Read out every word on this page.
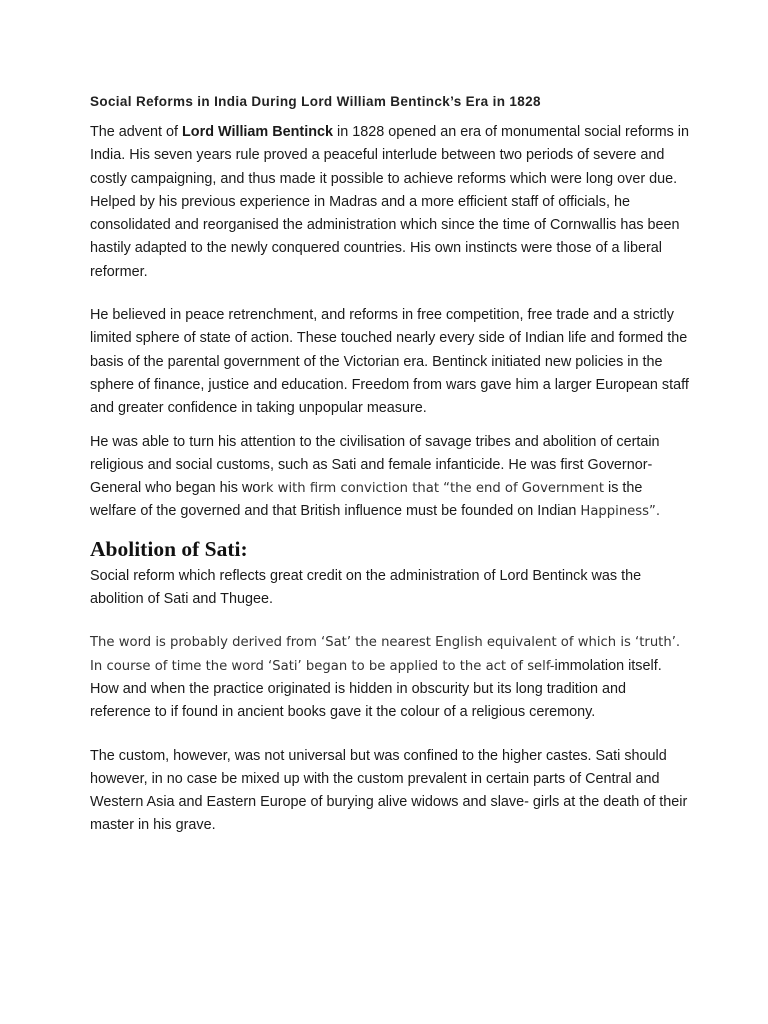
Social Reforms in India During Lord William Bentinck’s Era in 1828

The advent of Lord William Bentinck in 1828 opened an era of monumental social reforms in India. His seven years rule proved a peaceful interlude between two periods of severe and costly campaigning, and thus made it possible to achieve reforms which were long over due.

Helped by his previous experience in Madras and a more efficient staff of officials, he consolidated and reorganised the administration which since the time of Cornwallis has been hastily adapted to the newly conquered countries. His own instincts were those of a liberal reformer.

He believed in peace retrenchment, and reforms in free competition, free trade and a strictly limited sphere of state of action. These touched nearly every side of Indian life and formed the basis of the parental government of the Victorian era. Bentinck initiated new policies in the sphere of finance, justice and education. Freedom from wars gave him a larger European staff and greater confidence in taking unpopular measure.

He was able to turn his attention to the civilisation of savage tribes and abolition of certain religious and social customs, such as Sati and female infanticide. He was first Governor-General who began his work with firm conviction that “the end of Government is the welfare of the governed and that British influence must be founded on Indian Happiness”.

Abolition of Sati:

Social reform which reflects great credit on the administration of Lord Bentinck was the abolition of Sati and Thugee.

The word is probably derived from ‘Sat’ the nearest English equivalent of which is ‘truth’. In course of time the word ‘Sati’ began to be applied to the act of self-immolation itself. How and when the practice originated is hidden in obscurity but its long tradition and reference to if found in ancient books gave it the colour of a religious ceremony.

The custom, however, was not universal but was confined to the higher castes. Sati should however, in no case be mixed up with the custom prevalent in certain parts of Central and Western Asia and Eastern Europe of burying alive widows and slave- girls at the death of their master in his grave.
